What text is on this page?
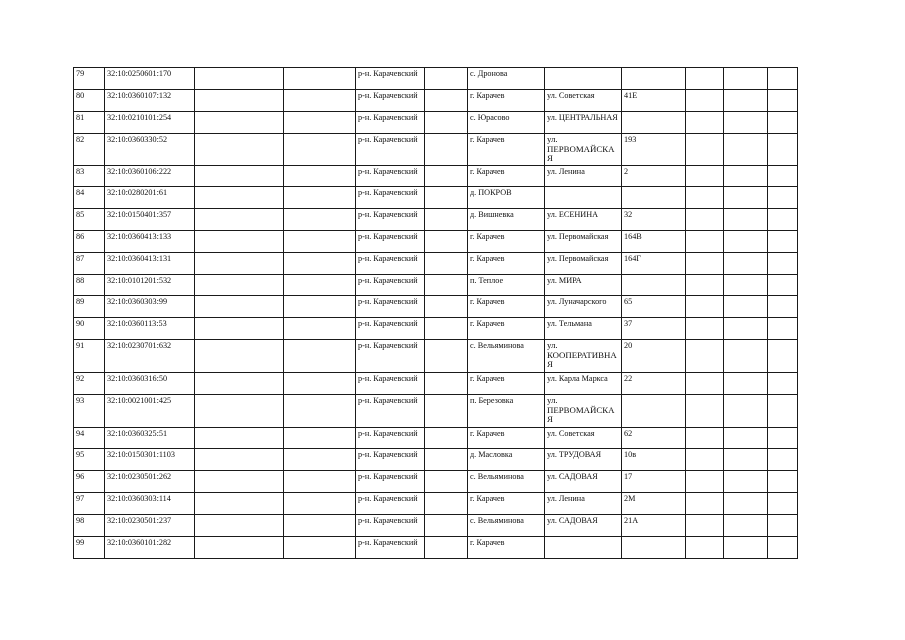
79	32:10:0250601:170			р-н. Карачевский		с. Дронова					
80	32:10:0360107:132			р-н. Карачевский		г. Карачев	ул. Советская	41Е			
81	32:10:0210101:254			р-н. Карачевский		с. Юрасово	ул. ЦЕНТРАЛЬНАЯ				
82	32:10:0360330:52			р-н. Карачевский		г. Карачев	ул. ПЕРВОМАЙСКАЯ	193			
83	32:10:0360106:222			р-н. Карачевский		г. Карачев	ул. Ленина	2			
84	32:10:0280201:61			р-н. Карачевский		д. ПОКРОВ					
85	32:10:0150401:357			р-н. Карачевский		д. Вишневка	ул. ЕСЕНИНА	32			
86	32:10:0360413:133			р-н. Карачевский		г. Карачев	ул. Первомайская	164В			
87	32:10:0360413:131			р-н. Карачевский		г. Карачев	ул. Первомайская	164Г			
88	32:10:0101201:532			р-н. Карачевский		п. Теплое	ул. МИРА				
89	32:10:0360303:99			р-н. Карачевский		г. Карачев	ул. Луначарского	65			
90	32:10:0360113:53			р-н. Карачевский		г. Карачев	ул. Тельмана	37			
91	32:10:0230701:632			р-н. Карачевский		с. Вельяминова	ул. КООПЕРАТИВНАЯ	20			
92	32:10:0360316:50			р-н. Карачевский		г. Карачев	ул. Карла Маркса	22			
93	32:10:0021001:425			р-н. Карачевский		п. Березовка	ул. ПЕРВОМАЙСКАЯ				
94	32:10:0360325:51			р-н. Карачевский		г. Карачев	ул. Советская	62			
95	32:10:0150301:1103			р-н. Карачевский		д. Масловка	ул. ТРУДОВАЯ	10в			
96	32:10:0230501:262			р-н. Карачевский		с. Вельяминова	ул. САДОВАЯ	17			
97	32:10:0360303:114			р-н. Карачевский		г. Карачев	ул. Ленина	2М			
98	32:10:0230501:237			р-н. Карачевский		с. Вельяминова	ул. САДОВАЯ	21А			
99	32:10:0360101:282			р-н. Карачевский		г. Карачев					
